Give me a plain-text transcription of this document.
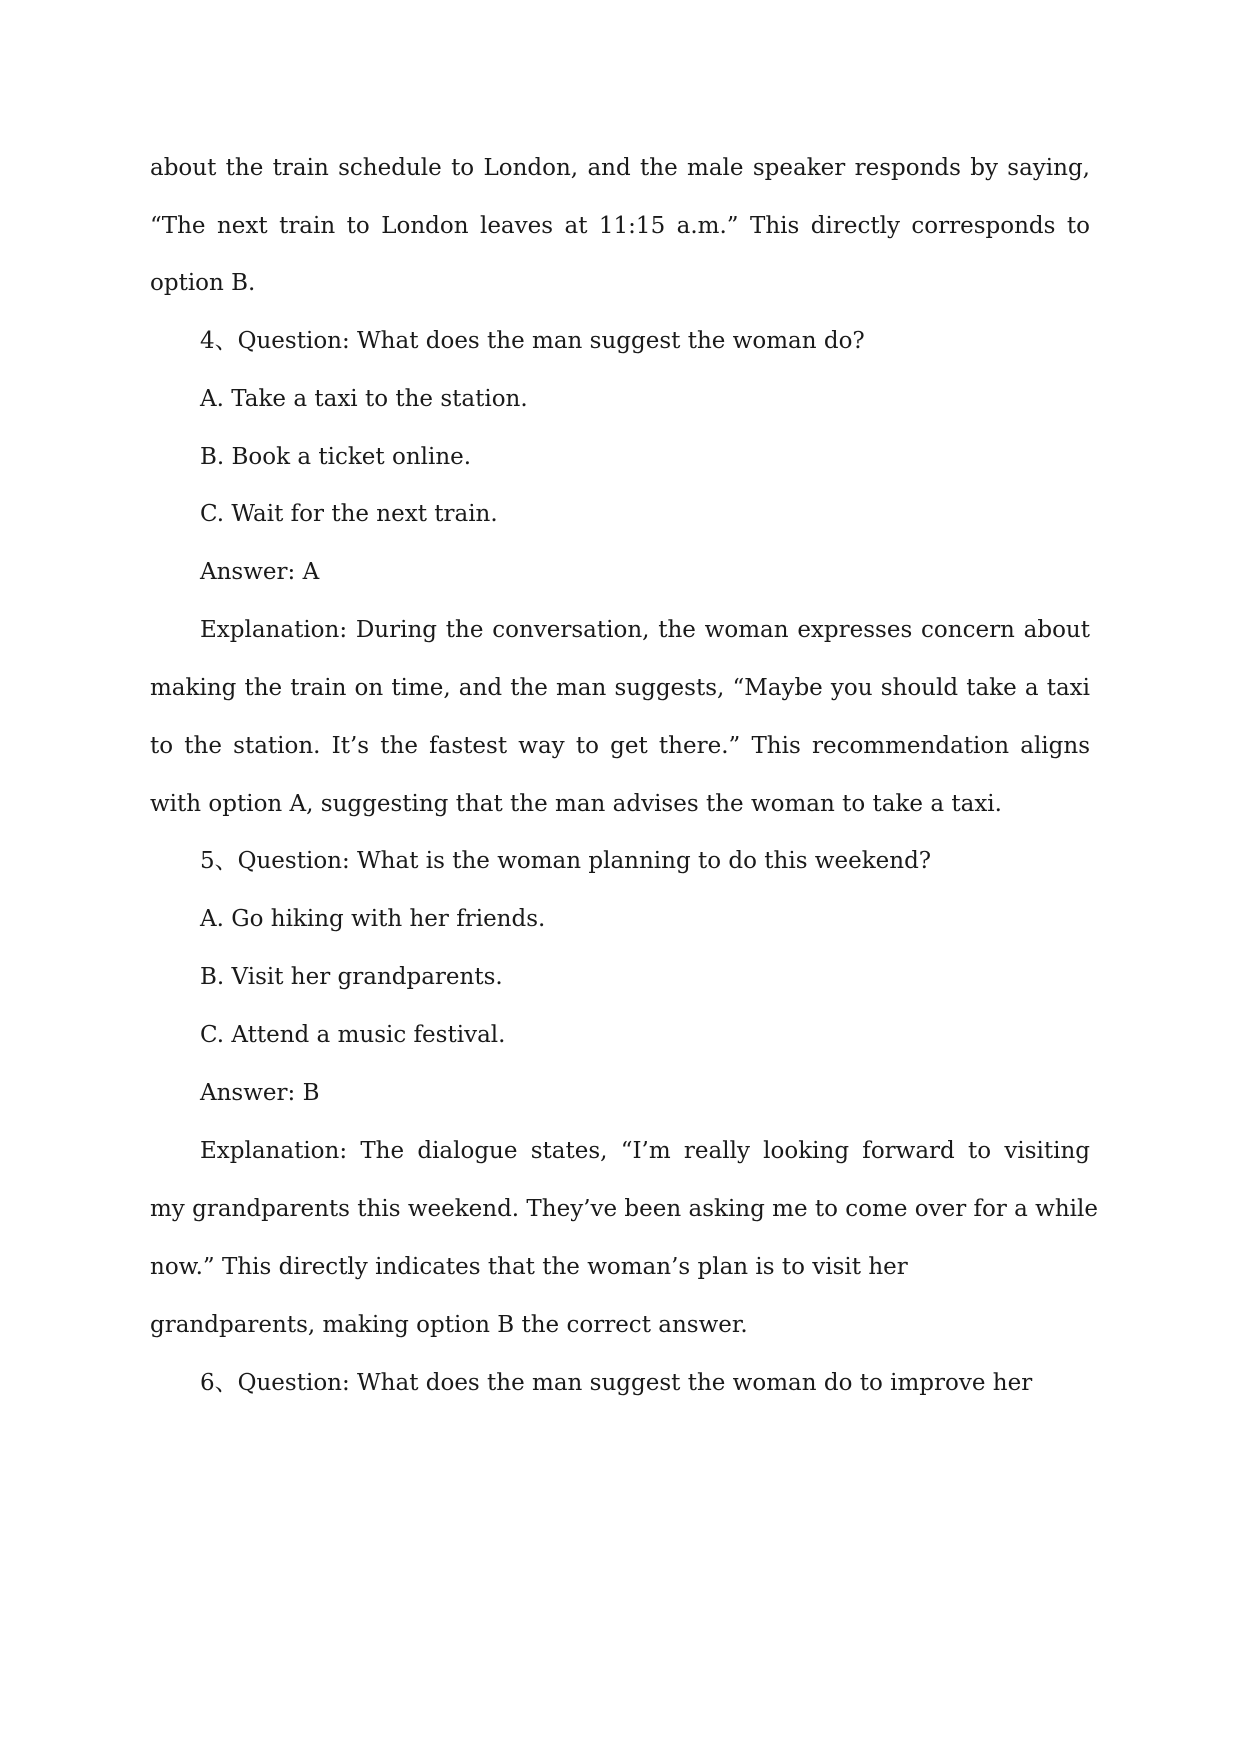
about the train schedule to London, and the male speaker responds by saying,
“The next train to London leaves at 11:15 a.m.” This directly corresponds to
option B.
4、Question: What does the man suggest the woman do?
A. Take a taxi to the station.
B. Book a ticket online.
C. Wait for the next train.
Answer: A
Explanation: During the conversation, the woman expresses concern about
making the train on time, and the man suggests, “Maybe you should take a taxi
to the station. It’s the fastest way to get there.” This recommendation aligns
with option A, suggesting that the man advises the woman to take a taxi.
5、Question: What is the woman planning to do this weekend?
A. Go hiking with her friends.
B. Visit her grandparents.
C. Attend a music festival.
Answer: B
Explanation: The dialogue states, “I’m really looking forward to visiting
my grandparents this weekend. They’ve been asking me to come over for a while
now.” This directly indicates that the woman’s plan is to visit her
grandparents, making option B the correct answer.
6、Question: What does the man suggest the woman do to improve her
